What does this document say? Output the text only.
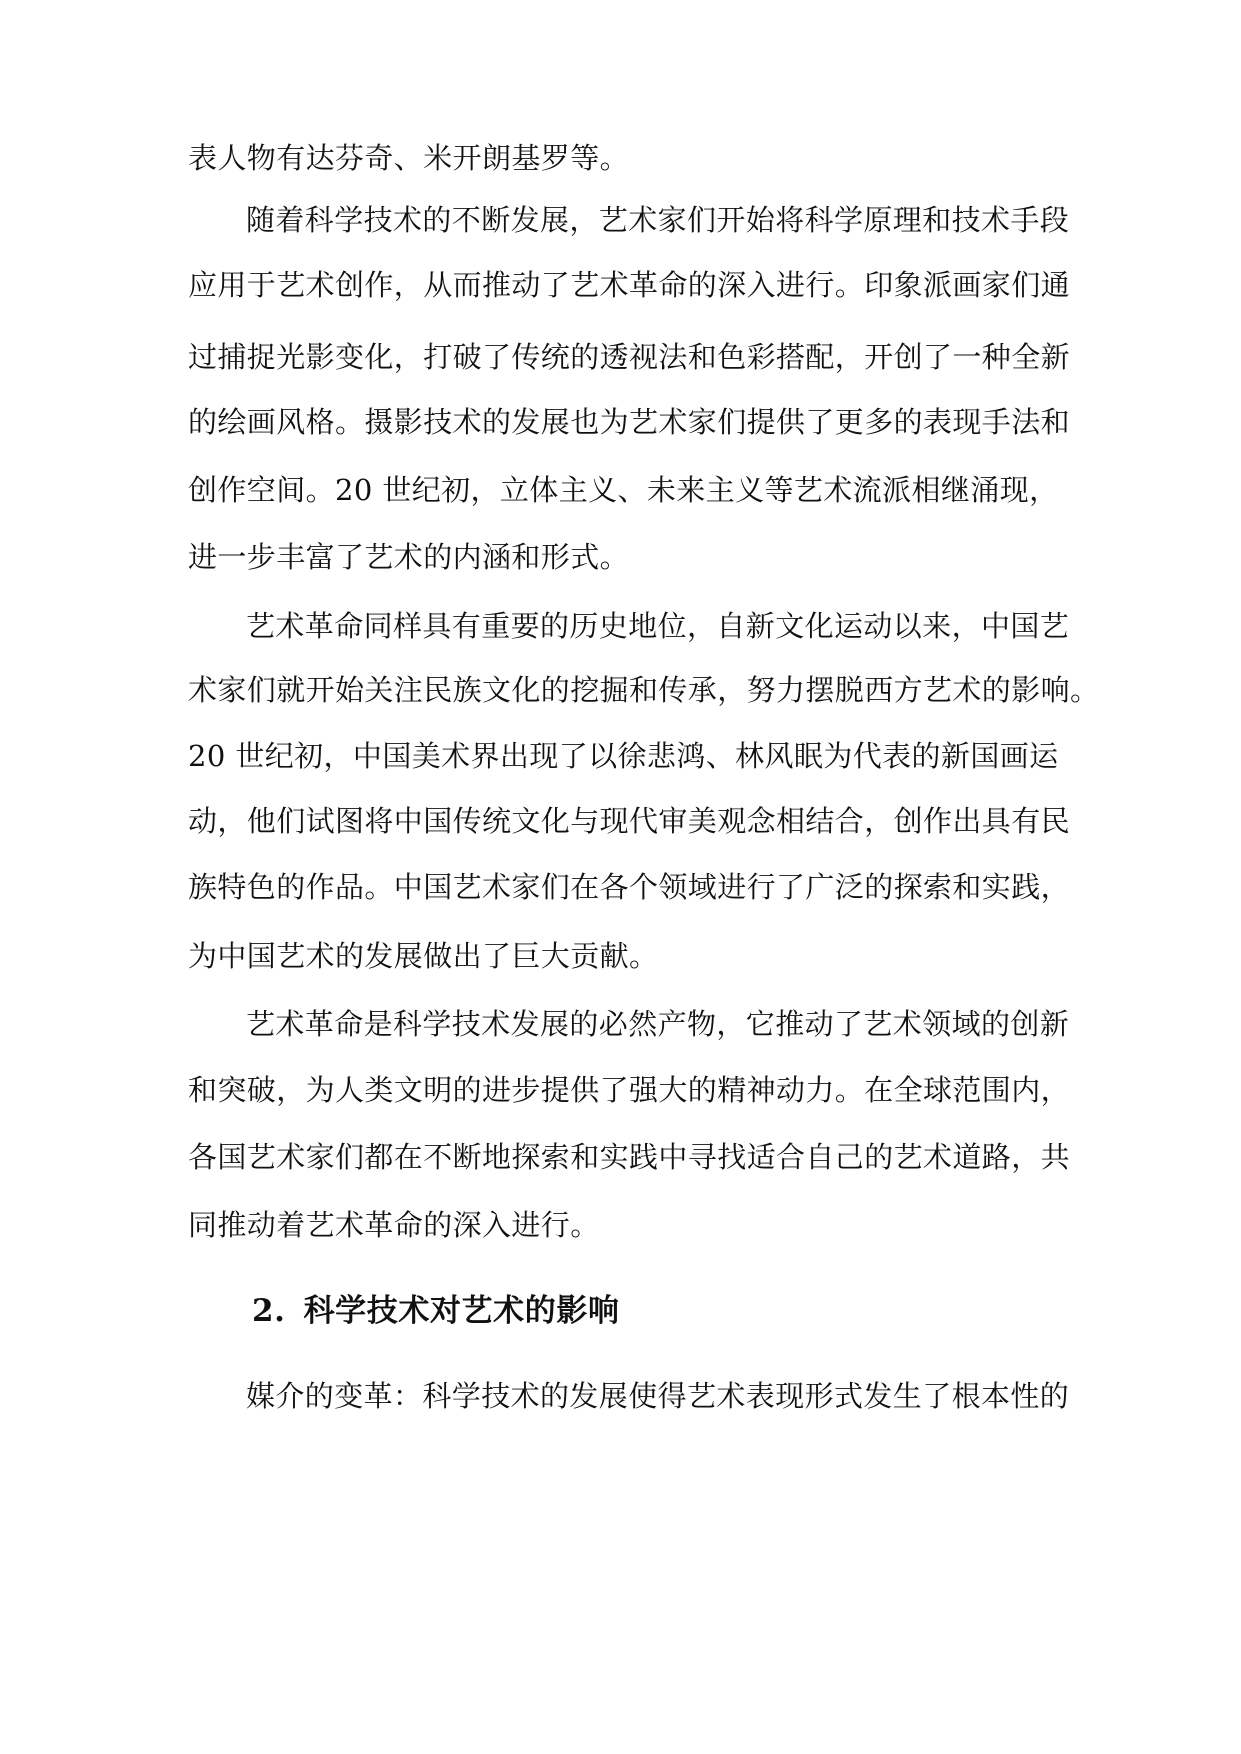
表人物有达芬奇、米开朗基罗等。
随着科学技术的不断发展，艺术家们开始将科学原理和技术手段
应用于艺术创作，从而推动了艺术革命的深入进行。印象派画家们通
过捕捉光影变化，打破了传统的透视法和色彩搭配，开创了一种全新
的绘画风格。摄影技术的发展也为艺术家们提供了更多的表现手法和
创作空间。20 世纪初，立体主义、未来主义等艺术流派相继涌现，
进一步丰富了艺术的内涵和形式。
艺术革命同样具有重要的历史地位，自新文化运动以来，中国艺
术家们就开始关注民族文化的挖掘和传承，努力摆脱西方艺术的影响。
20 世纪初，中国美术界出现了以徐悲鸿、林风眠为代表的新国画运
动，他们试图将中国传统文化与现代审美观念相结合，创作出具有民
族特色的作品。中国艺术家们在各个领域进行了广泛的探索和实践，
为中国艺术的发展做出了巨大贡献。
艺术革命是科学技术发展的必然产物，它推动了艺术领域的创新
和突破，为人类文明的进步提供了强大的精神动力。在全球范围内，
各国艺术家们都在不断地探索和实践中寻找适合自己的艺术道路，共
同推动着艺术革命的深入进行。
2. 科学技术对艺术的影响
媒介的变革：科学技术的发展使得艺术表现形式发生了根本性的
